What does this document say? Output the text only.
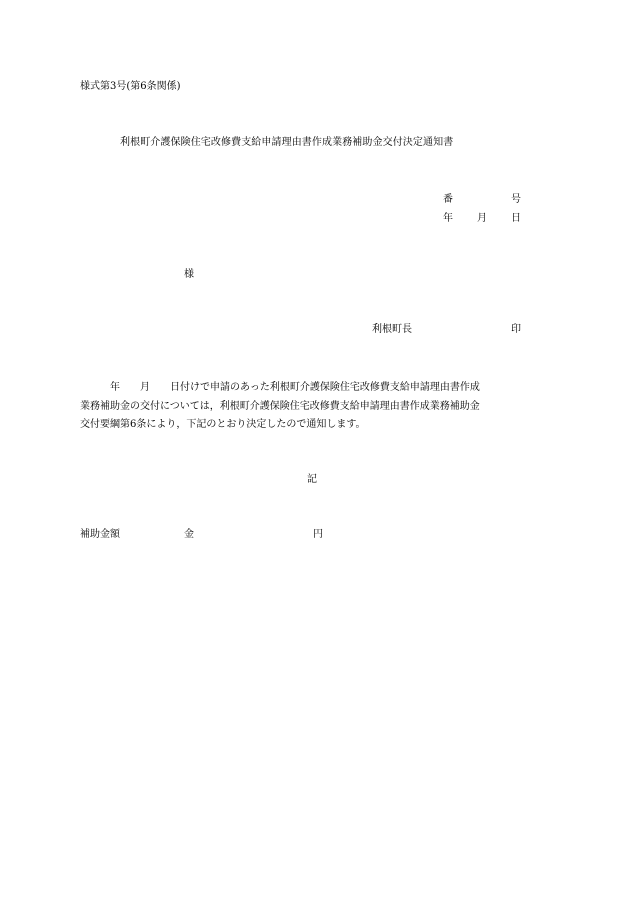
様式第3号(第6条関係)
利根町介護保険住宅改修費支給申請理由書作成業務補助金交付決定通知書
番	号
年 月 日
様
利根町長	印
　　　年　　月　　日付けで申請のあった利根町介護保険住宅改修費支給申請理由書作成
業務補助金の交付については，利根町介護保険住宅改修費支給申請理由書作成業務補助金
交付要綱第6条により，下記のとおり決定したので通知します。
記
補助金額	金	円
